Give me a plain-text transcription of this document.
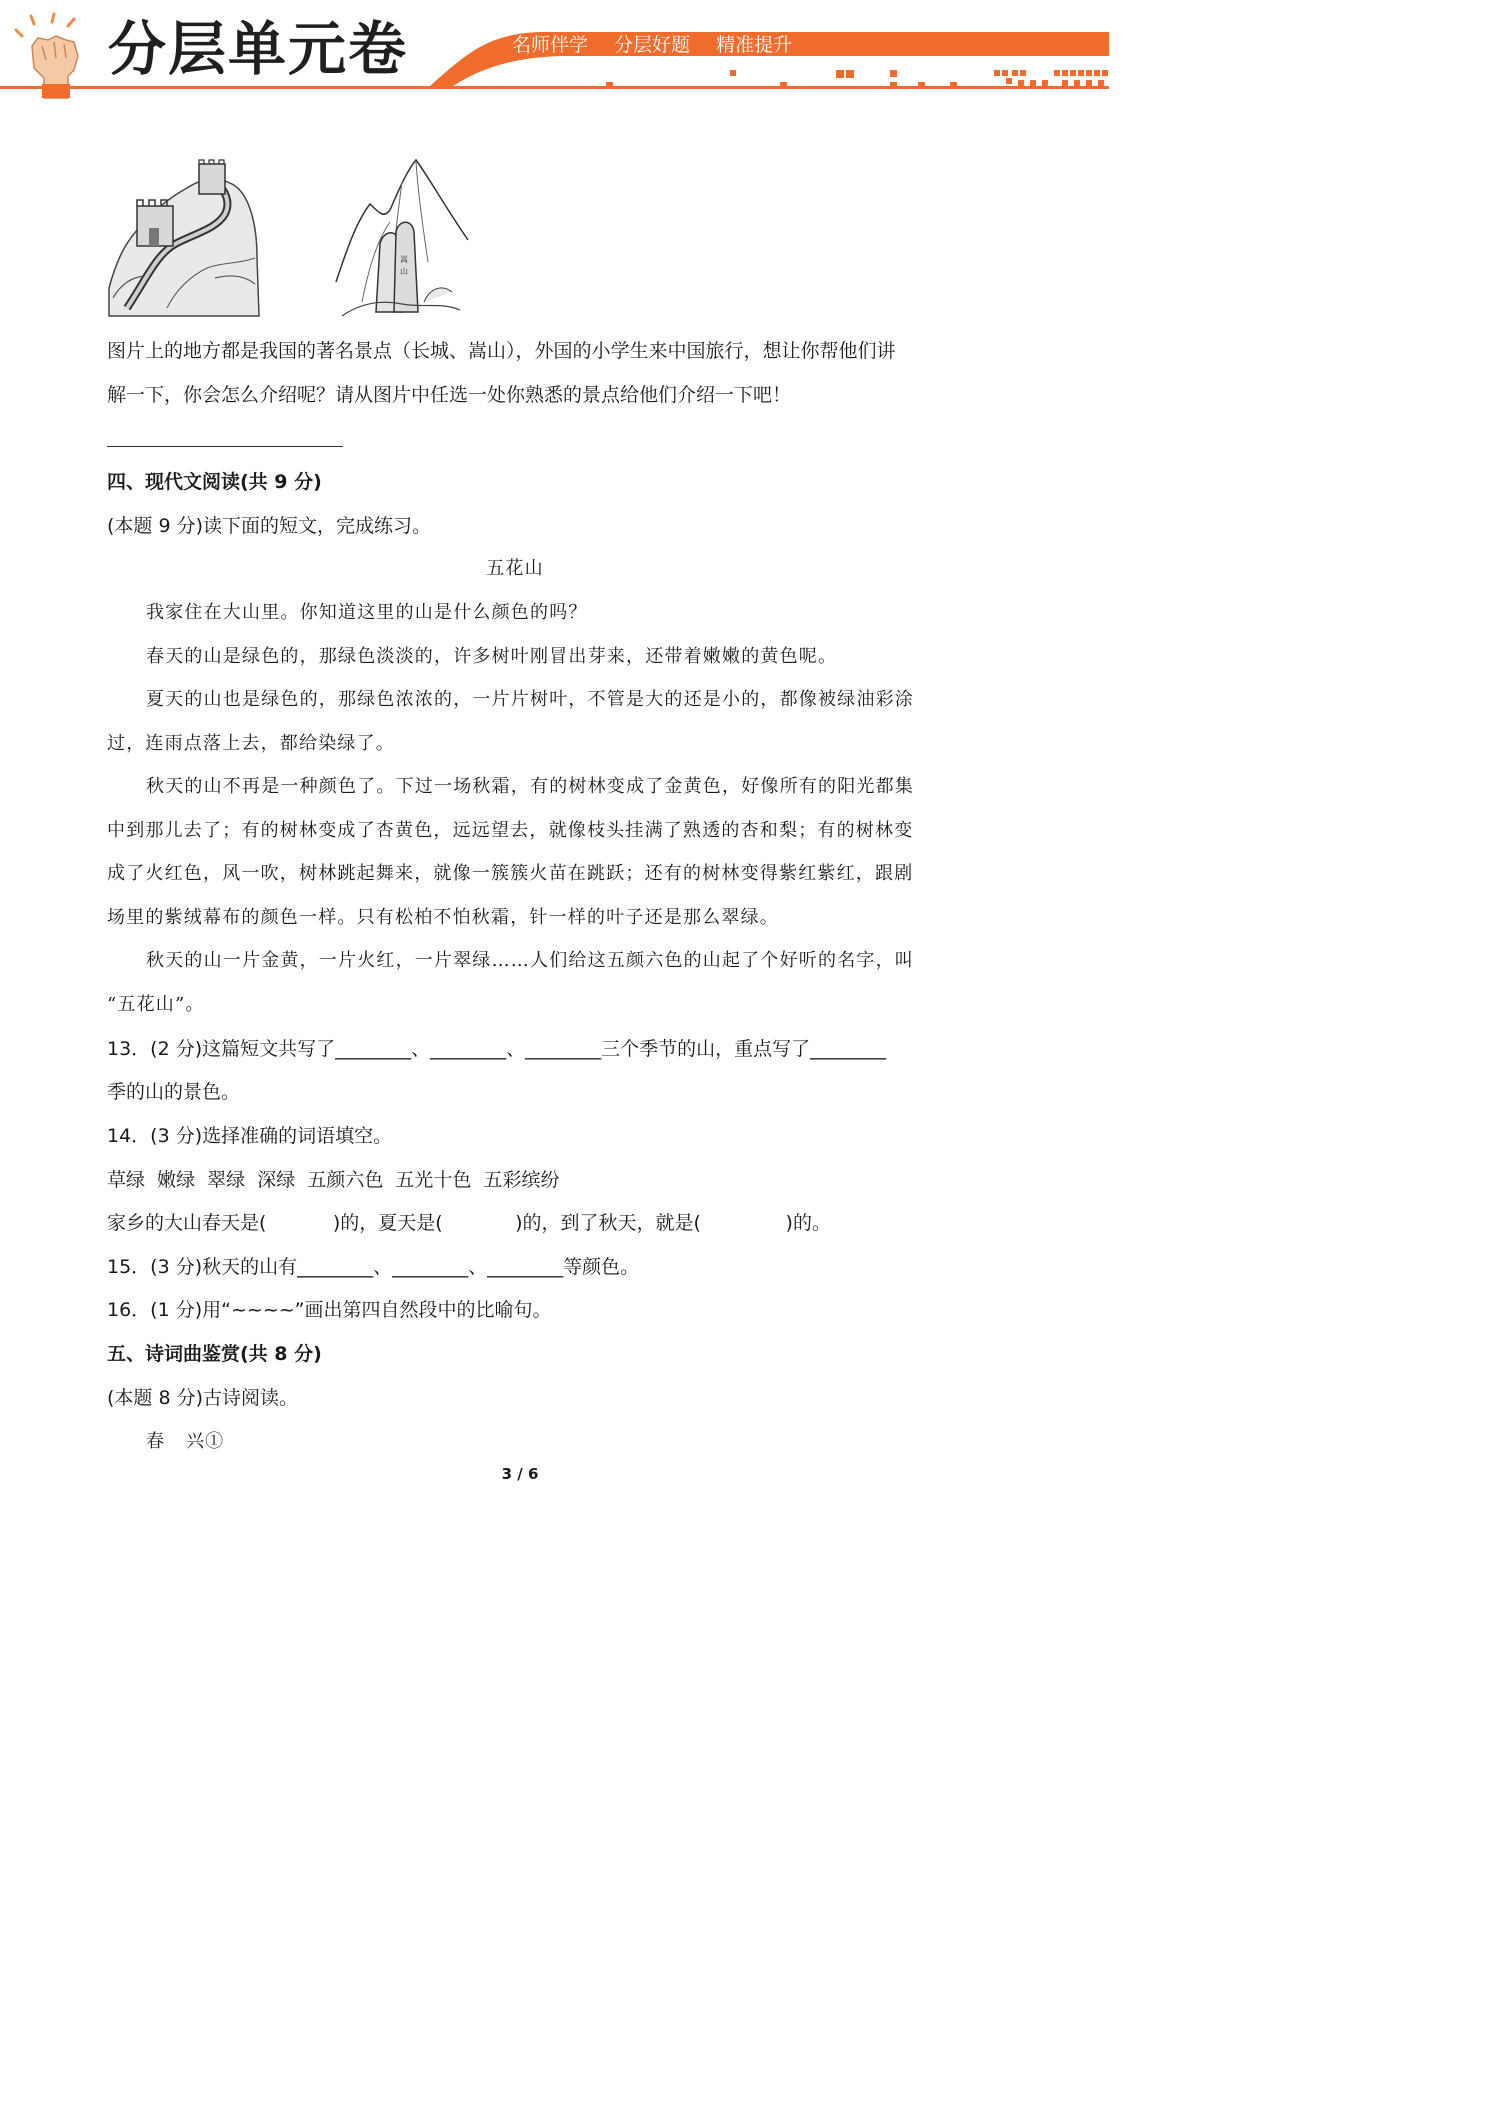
分层单元卷	名师伴学 分层好题 精准提升
嵩
山
图片上的地方都是我国的著名景点（长城、嵩山），外国的小学生来中国旅行，想让你帮他们讲
解一下，你会怎么介绍呢？请从图片中任选一处你熟悉的景点给他们介绍一下吧！
四、现代文阅读(共 9 分)
(本题 9 分)读下面的短文，完成练习。
五花山
我家住在大山里。你知道这里的山是什么颜色的吗？
春天的山是绿色的，那绿色淡淡的，许多树叶刚冒出芽来，还带着嫩嫩的黄色呢。
夏天的山也是绿色的，那绿色浓浓的，一片片树叶，不管是大的还是小的，都像被绿油彩涂
过，连雨点落上去，都给染绿了。
秋天的山不再是一种颜色了。下过一场秋霜，有的树林变成了金黄色，好像所有的阳光都集
中到那儿去了；有的树林变成了杏黄色，远远望去，就像枝头挂满了熟透的杏和梨；有的树林变
成了火红色，风一吹，树林跳起舞来，就像一簇簇火苗在跳跃；还有的树林变得紫红紫红，跟剧
场里的紫绒幕布的颜色一样。只有松柏不怕秋霜，针一样的叶子还是那么翠绿。
秋天的山一片金黄，一片火红，一片翠绿……人们给这五颜六色的山起了个好听的名字，叫
“五花山”。
13．(2 分)这篇短文共写了________、________、________三个季节的山，重点写了________
季的山的景色。
14．(3 分)选择准确的词语填空。
草绿  嫩绿  翠绿  深绿  五颜六色  五光十色  五彩缤纷
家乡的大山春天是(           )的，夏天是(            )的，到了秋天，就是(              )的。
15．(3 分)秋天的山有________、________、________等颜色。
16．(1 分)用“~~~~”画出第四自然段中的比喻句。
五、诗词曲鉴赏(共 8 分)
(本题 8 分)古诗阅读。
春   兴①
3 / 6
